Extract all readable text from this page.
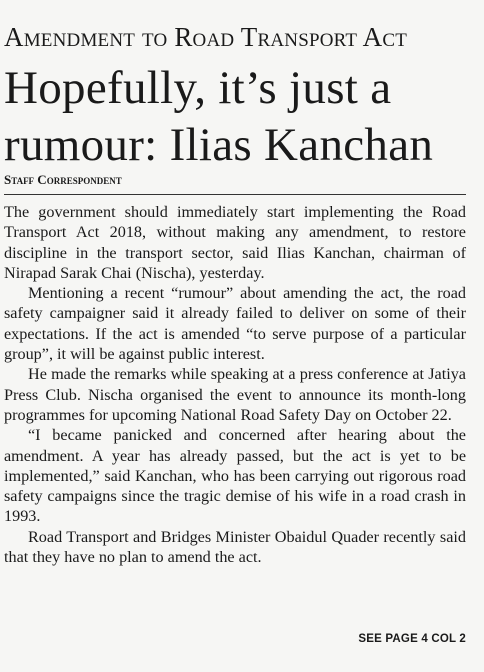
Amendment to Road Transport Act
Hopefully, it’s just a rumour: Ilias Kanchan
Staff Correspondent

The government should immediately start implementing the Road Transport Act 2018, without making any amendment, to restore discipline in the transport sector, said Ilias Kanchan, chairman of Nirapad Sarak Chai (Nischa), yesterday.

Mentioning a recent “rumour” about amending the act, the road safety campaigner said it already failed to deliver on some of their expectations. If the act is amended “to serve purpose of a particular group”, it will be against public interest.

He made the remarks while speaking at a press conference at Jatiya Press Club. Nischa organised the event to announce its month-long programmes for upcoming National Road Safety Day on October 22.

“I became panicked and concerned after hearing about the amendment. A year has already passed, but the act is yet to be implemented,” said Kanchan, who has been carrying out rigorous road safety campaigns since the tragic demise of his wife in a road crash in 1993.

Road Transport and Bridges Minister Obaidul Quader recently said that they have no plan to amend the act.

SEE PAGE 4 COL 2
